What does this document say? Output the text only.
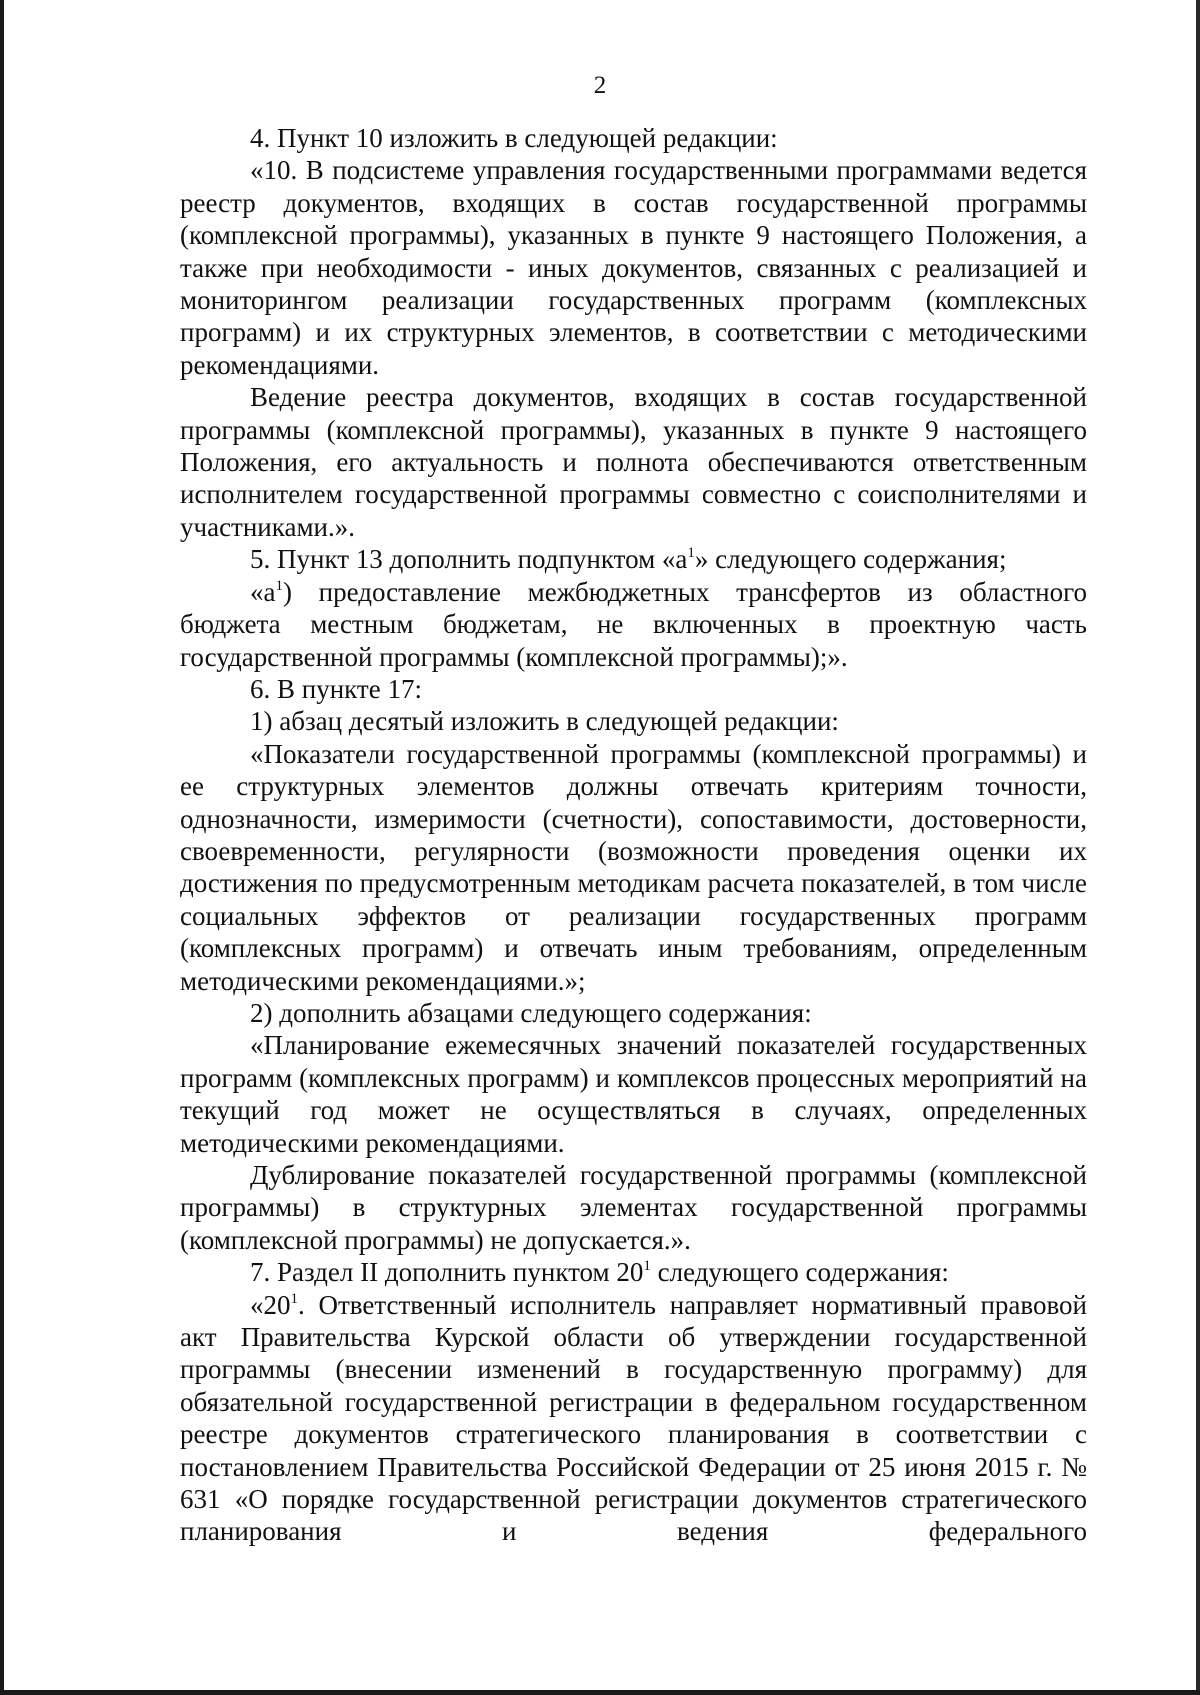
2

4. Пункт 10 изложить в следующей редакции:

«10. В подсистеме управления государственными программами ведется реестр документов, входящих в состав государственной программы (комплексной программы), указанных в пункте 9 настоящего Положения, а также при необходимости - иных документов, связанных с реализацией и мониторингом реализации государственных программ (комплексных программ) и их структурных элементов, в соответствии с методическими рекомендациями.

Ведение реестра документов, входящих в состав государственной программы (комплексной программы), указанных в пункте 9 настоящего Положения, его актуальность и полнота обеспечиваются ответственным исполнителем государственной программы совместно с соисполнителями и участниками.».

5. Пункт 13 дополнить подпунктом «$а^1$» следующего содержания;

«$а^1$) предоставление межбюджетных трансфертов из областного бюджета местным бюджетам, не включенных в проектную часть государственной программы (комплексной программы);».

6. В пункте 17:

1) абзац десятый изложить в следующей редакции:

«Показатели государственной программы (комплексной программы) и ее структурных элементов должны отвечать критериям точности, однозначности, измеримости (счетности), сопоставимости, достоверности, своевременности, регулярности (возможности проведения оценки их достижения по предусмотренным методикам расчета показателей, в том числе социальных эффектов от реализации государственных программ (комплексных программ) и отвечать иным требованиям, определенным методическими рекомендациями.»;

2) дополнить абзацами следующего содержания:

«Планирование ежемесячных значений показателей государственных программ (комплексных программ) и комплексов процессных мероприятий на текущий год может не осуществляться в случаях, определенных методическими рекомендациями.

Дублирование показателей государственной программы (комплексной программы) в структурных элементах государственной программы (комплексной программы) не допускается.».

7. Раздел II дополнить пунктом $20^1$ следующего содержания:

«$20^1$. Ответственный исполнитель направляет нормативный правовой акт Правительства Курской области об утверждении государственной программы (внесении изменений в государственную программу) для обязательной государственной регистрации в федеральном государственном реестре документов стратегического планирования в соответствии с постановлением Правительства Российской Федерации от 25 июня 2015 г. № 631 «О порядке государственной регистрации документов стратегического планирования и ведения федерального
